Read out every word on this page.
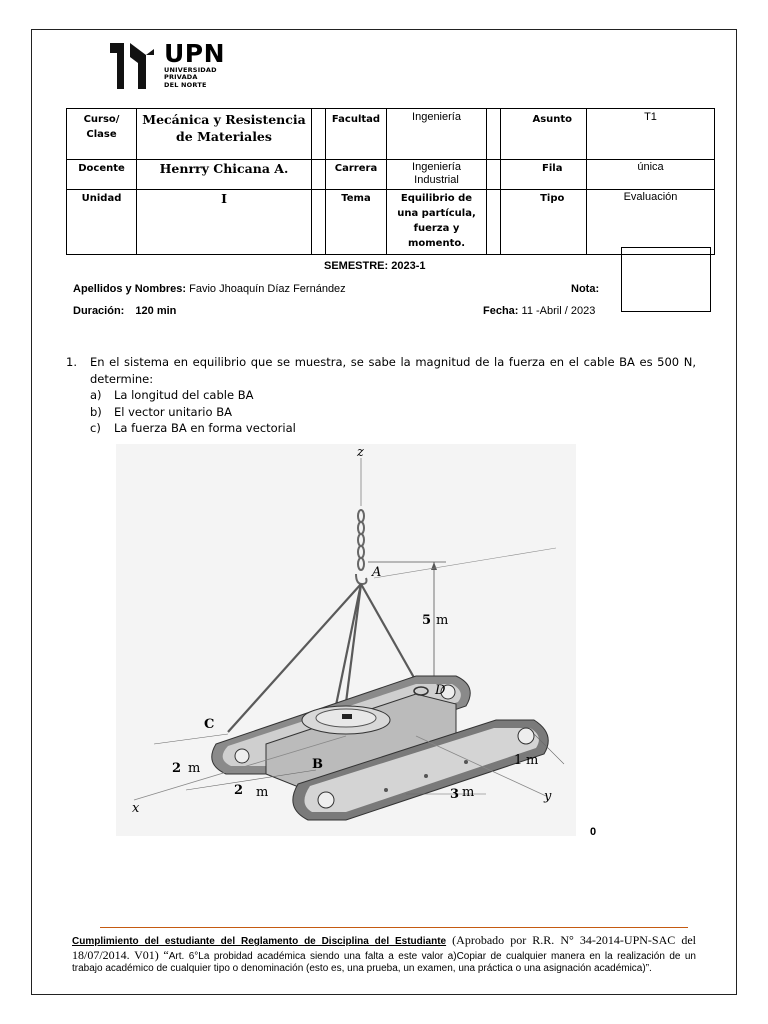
UPN
UNIVERSIDAD
PRIVADA
DEL NORTE
Curso/ Clase	Mecánica y Resistencia de Materiales		Facultad	Ingeniería			Asunto	T1
Docente	Henrry Chicana A.		Carrera	Ingeniería Industrial			Fila	única
Unidad	I		Tema	Equilibrio de una partícula, fuerza y momento.			Tipo	Evaluación
SEMESTRE: 2023-1
Apellidos y Nombres: Favio Jhoaquín Díaz Fernández	Nota:
Duración: 120 min	Fecha: 11 -Abril / 2023
1. En el sistema en equilibrio que se muestra, se sabe la magnitud de la fuerza en el cable BA es 500 N, determine:
a)	La longitud del cable BA
b)	El vector unitario BA
c)	La fuerza BA en forma vectorial
z
A
5 m
D
C
B
2 m
2 m
1 m
3 m
x
y
0
Cumplimiento del estudiante del Reglamento de Disciplina del Estudiante (Aprobado por R.R. N° 34-2014-UPN-SAC del 18/07/2014. V01) “Art. 6°La probidad académica siendo una falta a este valor a)Copiar de cualquier manera en la realización de un trabajo académico de cualquier tipo o denominación (esto es, una prueba, un examen, una práctica o una asignación académica)”.
